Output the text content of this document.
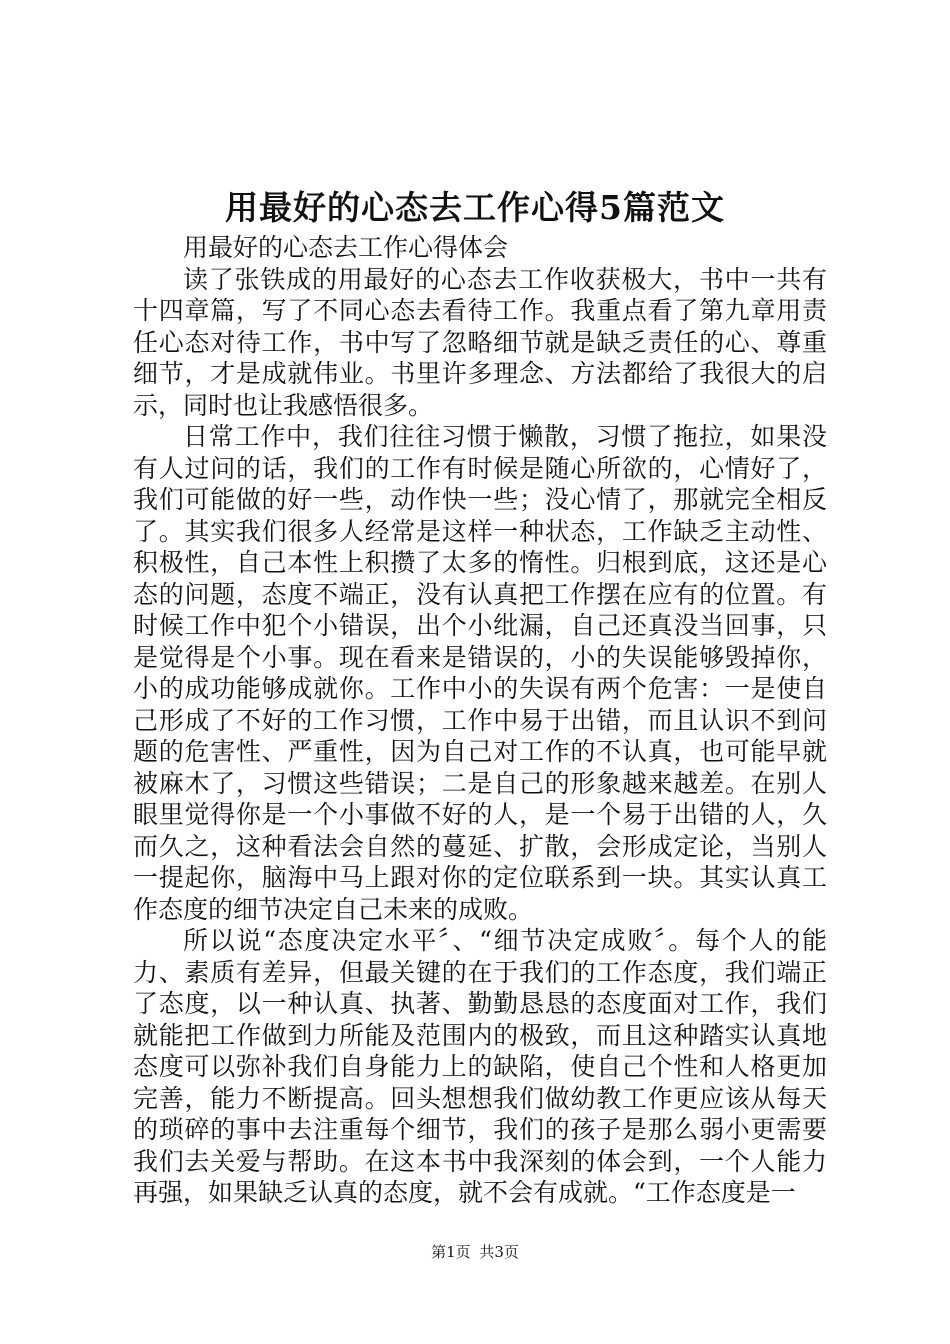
用最好的心态去工作心得5篇范文

用最好的心态去工作心得体会

读了张铁成的用最好的心态去工作收获极大，书中一共有十四章篇，写了不同心态去看待工作。我重点看了第九章用责任心态对待工作，书中写了忽略细节就是缺乏责任的心、尊重细节，才是成就伟业。书里许多理念、方法都给了我很大的启示，同时也让我感悟很多。

日常工作中，我们往往习惯于懒散，习惯了拖拉，如果没有人过问的话，我们的工作有时候是随心所欲的，心情好了，我们可能做的好一些，动作快一些；没心情了，那就完全相反了。其实我们很多人经常是这样一种状态，工作缺乏主动性、积极性，自己本性上积攒了太多的惰性。归根到底，这还是心态的问题，态度不端正，没有认真把工作摆在应有的位置。有时候工作中犯个小错误，出个小纰漏，自己还真没当回事，只是觉得是个小事。现在看来是错误的，小的失误能够毁掉你，小的成功能够成就你。工作中小的失误有两个危害：一是使自己形成了不好的工作习惯，工作中易于出错，而且认识不到问题的危害性、严重性，因为自己对工作的不认真，也可能早就被麻木了，习惯这些错误；二是自己的形象越来越差。在别人眼里觉得你是一个小事做不好的人，是一个易于出错的人，久而久之，这种看法会自然的蔓延、扩散，会形成定论，当别人一提起你，脑海中马上跟对你的定位联系到一块。其实认真工作态度的细节决定自己未来的成败。

所以说“态度决定水平〞、“细节决定成败〞。每个人的能力、素质有差异，但最关键的在于我们的工作态度，我们端正了态度，以一种认真、执著、勤勤恳恳的态度面对工作，我们就能把工作做到力所能及范围内的极致，而且这种踏实认真地态度可以弥补我们自身能力上的缺陷，使自己个性和人格更加完善，能力不断提高。回头想想我们做幼教工作更应该从每天的琐碎的事中去注重每个细节，我们的孩子是那么弱小更需要我们去关爱与帮助。在这本书中我深刻的体会到，一个人能力再强，如果缺乏认真的态度，就不会有成就。“工作态度是一

第1页 共3页
